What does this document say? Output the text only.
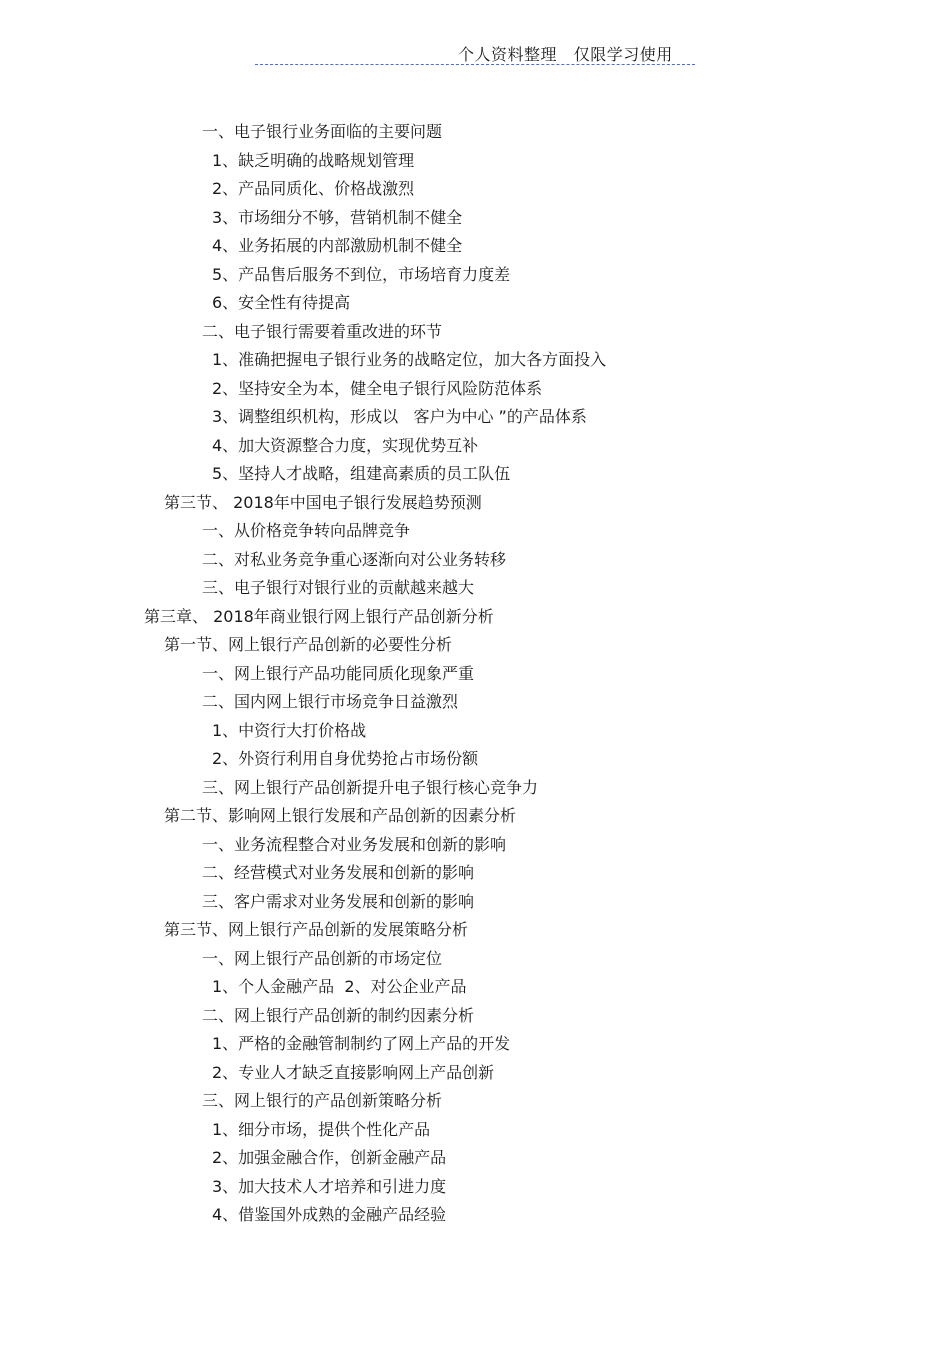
个人资料整理   仅限学习使用
一、电子银行业务面临的主要问题
1、缺乏明确的战略规划管理
2、产品同质化、价格战激烈
3、市场细分不够，营销机制不健全
4、业务拓展的内部激励机制不健全
5、产品售后服务不到位，市场培育力度差
6、安全性有待提高
二、电子银行需要着重改进的环节
1、准确把握电子银行业务的战略定位，加大各方面投入
2、坚持安全为本，健全电子银行风险防范体系
3、调整组织机构，形成以   客户为中心 ”的产品体系
4、加大资源整合力度，实现优势互补
5、坚持人才战略，组建高素质的员工队伍
第三节、 2018年中国电子银行发展趋势预测
一、从价格竞争转向品牌竞争
二、对私业务竞争重心逐渐向对公业务转移
三、电子银行对银行业的贡献越来越大
第三章、 2018年商业银行网上银行产品创新分析
第一节、网上银行产品创新的必要性分析
一、网上银行产品功能同质化现象严重
二、国内网上银行市场竞争日益激烈
1、中资行大打价格战
2、外资行利用自身优势抢占市场份额
三、网上银行产品创新提升电子银行核心竞争力
第二节、影响网上银行发展和产品创新的因素分析
一、业务流程整合对业务发展和创新的影响
二、经营模式对业务发展和创新的影响
三、客户需求对业务发展和创新的影响
第三节、网上银行产品创新的发展策略分析
一、网上银行产品创新的市场定位
1、个人金融产品  2、对公企业产品
二、网上银行产品创新的制约因素分析
1、严格的金融管制制约了网上产品的开发
2、专业人才缺乏直接影响网上产品创新
三、网上银行的产品创新策略分析
1、细分市场，提供个性化产品
2、加强金融合作，创新金融产品
3、加大技术人才培养和引进力度
4、借鉴国外成熟的金融产品经验
